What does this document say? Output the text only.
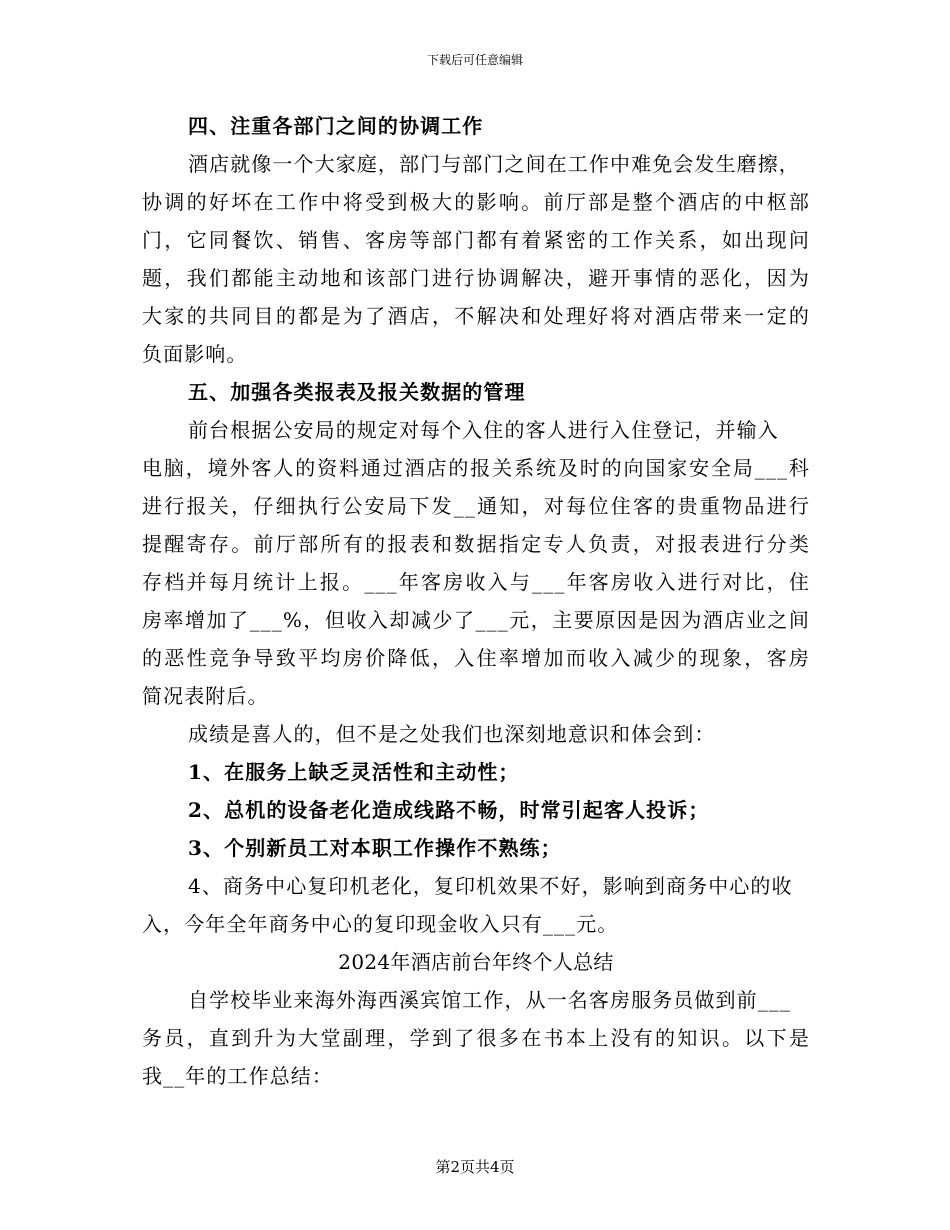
下载后可任意编辑
四、注重各部门之间的协调工作
酒店就像一个大家庭，部门与部门之间在工作中难免会发生磨擦，
协调的好坏在工作中将受到极大的影响。前厅部是整个酒店的中枢部
门，它同餐饮、销售、客房等部门都有着紧密的工作关系，如出现问
题，我们都能主动地和该部门进行协调解决，避开事情的恶化，因为
大家的共同目的都是为了酒店，不解决和处理好将对酒店带来一定的
负面影响。
五、加强各类报表及报关数据的管理
前台根据公安局的规定对每个入住的客人进行入住登记，并输入
电脑，境外客人的资料通过酒店的报关系统及时的向国家安全局___科
进行报关，仔细执行公安局下发__通知，对每位住客的贵重物品进行
提醒寄存。前厅部所有的报表和数据指定专人负责，对报表进行分类
存档并每月统计上报。___年客房收入与___年客房收入进行对比，住
房率增加了___%，但收入却减少了___元，主要原因是因为酒店业之间
的恶性竞争导致平均房价降低，入住率增加而收入减少的现象，客房
简况表附后。
成绩是喜人的，但不是之处我们也深刻地意识和体会到：
1、在服务上缺乏灵活性和主动性；
2、总机的设备老化造成线路不畅，时常引起客人投诉；
3、个别新员工对本职工作操作不熟练；
4、商务中心复印机老化，复印机效果不好，影响到商务中心的收
入，今年全年商务中心的复印现金收入只有___元。
2024年酒店前台年终个人总结
自学校毕业来海外海西溪宾馆工作，从一名客房服务员做到前___
务员，直到升为大堂副理，学到了很多在书本上没有的知识。以下是
我__年的工作总结：
第2页共4页
